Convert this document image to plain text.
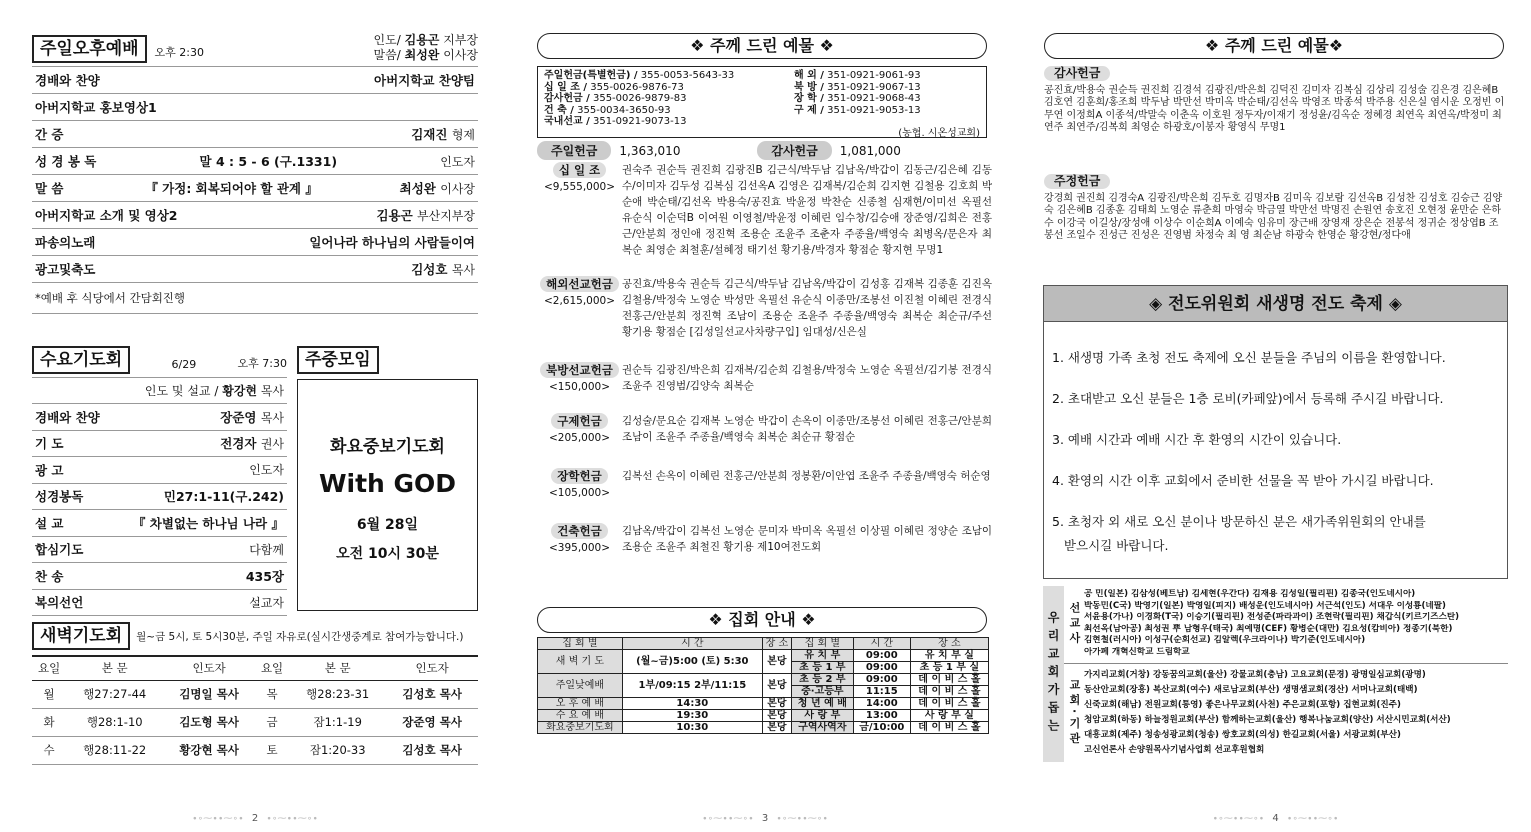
주일오후예배	오후 2:30
인도/ 김용곤 지부장
말씀/ 최성완 이사장
경배와 찬양	아버지학교 찬양팀
아버지학교 홍보영상1
간 증	김재진 형제
성 경 봉 독	말 4 : 5 - 6 (구.1331)	인도자
말 씀	『 가정: 회복되어야 할 관계 』	최성완 이사장
아버지학교 소개 및 영상2	김용곤 부산지부장
파송의노래	일어나라 하나님의 사람들이여
광고및축도	김성호 목사
*예배 후 식당에서 간담회진행
수요기도회	6/29	오후 7:30
인도 및 설교 / 황강현 목사
경배와 찬양	장준영 목사
기 도	전경자 권사
광 고	인도자
성경봉독	민27:1-11(구.242)
설 교	『 차별없는 하나님 나라 』
합심기도	다함께
찬 송	435장
복의선언	설교자
주중모임
화요중보기도회
With GOD
6월 28일
오전 10시 30분
새벽기도회	월~금 5시, 토 5시30분, 주일 자유로(실시간생중계로 참여가능합니다.)
요일	본 문	인도자	요일	본 문	인도자
월	행27:27-44	김명일 목사	목	행28:23-31	김성호 목사
화	행28:1-10	김도형 목사	금	잠1:1-19	장준영 목사
수	행28:11-22	황강현 목사	토	잠1:20-33	김성호 목사
∙∘⁓∙∙⁓∘∙ 2 ∙∘⁓∙∙⁓∘∙
❖ 주께 드린 예물 ❖
주일헌금(특별헌금) / 355-0053-5643-33
십 일 조 / 355-0026-9876-73
감사헌금 / 355-0026-9879-83
건 축 / 355-0034-3650-93
국내선교 / 351-0921-9073-13
해 외 / 351-0921-9061-93
북 방 / 351-0921-9067-13
장 학 / 351-0921-9068-43
구 제 / 351-0921-9053-13
(농협. 시온성교회)
주일헌금	1,363,010	감사헌금	1,081,000
십 일 조
<9,555,000>
권숙주 권순득 권진희 김광진B 김근식/박두남 김남옥/박갑이 김동근/김은혜 김동수/이미자 김두성 김복심 김선옥A 김영은 김재복/김순희 김지현 김철용 김호희 박순애 박순태/김선옥 박용숙/공진효 박윤정 박찬순 신종철 심재현/이미선 옥필선 유순식 이순덕B 이여원 이영철/박윤정 이혜린 임수창/김승애 장준영/김희은 전홍근/안분희 정인애 정진혁 조용순 조윤주 조춘자 주종율/백영숙 최병옥/문은자 최복순 최영순 최철훈/설혜정 태기선 황기용/박경자 황점순 황지현 무명1
해외선교헌금
<2,615,000>
공진효/박용숙 권순득 김근식/박두남 김남옥/박갑이 김성홍 김재복 김종훈 김진옥 김철용/박정숙 노영순 박성만 옥필선 유순식 이종만/조봉선 이진철 이혜린 전경식 전홍근/안분희 정진혁 조남이 조용순 조윤주 주종율/백영숙 최복순 최순규/주선 황기용 황점순 [김성일선교사차량구입] 임대성/신은실
북방선교헌금
<150,000>
권순득 김광진/박은희 김재복/김순희 김철용/박정숙 노영순 옥필선/김기봉 전경식 조윤주 진영범/김양숙 최복순
구제헌금
<205,000>
김성술/문요순 김재복 노영순 박갑이 손옥이 이종만/조봉선 이혜린 전홍근/안분희 조남이 조윤주 주종율/백영숙 최복순 최순규 황점순
장학헌금
<105,000>
김복선 손옥이 이혜린 전홍근/안분희 정봉환/이안엽 조윤주 주종율/백영숙 허순영
건축헌금
<395,000>
김남옥/박갑이 김복선 노영순 문미자 박미옥 옥필선 이상필 이혜린 정양순 조남이 조용순 조윤주 최철진 황기용 제10여전도회
❖ 집회 안내 ❖
집 회 별	시 간	장 소	집 회 별	시 간	장 소
새 벽 기 도	(월~금)5:00 (토) 5:30	본당	유 치 부	09:00	유 치 부 실
			초 등 1 부	09:00	초 등 1 부 실
주일낮예배	1부/09:15 2부/11:15	본당	초 등 2 부	09:00	데 이 비 스 홀
			중·고등부	11:15	데 이 비 스 홀
오 후 예 배	14:30	본당	청 년 예 배	14:00	데 이 비 스 홀
수 요 예 배	19:30	본당	사 랑 부	13:00	사 랑 부 실
화요중보기도회	10:30	본당	구역사역자	금/10:00	데 이 비 스 홀
∙∘⁓∙∙⁓∘∙ 3 ∙∘⁓∙∙⁓∘∙
❖ 주께 드린 예물❖
감사헌금
공진효/박용숙 권순득 권진희 김경석 김광진/박은희 김덕진 김미자 김복심 김상리 김성술 김은경 김은혜B 김호연 김훈희/홍조희 박두남 박만선 박미옥 박순태/김선옥 박영조 박종석 박주용 신은실 염시운 오정빈 이무연 이정희A 이종석/박말숙 이춘옥 이호원 정두자/이재기 정성윤/김옥순 정혜경 최연옥 최연옥/박정미 최연주 최연주/김복희 최영순 하광호/이봉자 황영식 무명1
주정헌금
강경희 권진희 김경숙A 김광진/박은희 김두호 김명자B 김미옥 김보람 김선옥B 김성찬 김성호 김승근 김양숙 김은혜B 김종훈 김태희 노영순 류춘희 마영숙 박금열 박만선 박명진 손원연 송호진 오현정 윤만순 은하수 이강국 이길상/장성애 이상수 이순희A 이예숙 임유미 장근배 장영재 장은순 전봉석 정귀순 정상엽B 조봉선 조일수 진성근 진성은 진영범 차정숙 최 영 최순남 하광숙 한영순 황강현/정다애
◈ 전도위원회 새생명 전도 축제 ◈
1. 새생명 가족 초청 전도 축제에 오신 분들을 주님의 이름을 환영합니다.
2. 초대받고 오신 분들은 1층 로비(카페앞)에서 등록해 주시길 바랍니다.
3. 예배 시간과 예배 시간 후 환영의 시간이 있습니다.
4. 환영의 시간 이후 교회에서 준비한 선물을 꼭 받아 가시길 바랍니다.
5. 초청자 외 새로 오신 분이나 방문하신 분은 새가족위원회의 안내를
받으시길 바랍니다.
우리교회가돕는 선교사
공 민(일본) 김삼성(베트남) 김세현(우간다) 김재용 김성일(필리핀) 김종국(인도네시아)
박동민(C국) 박영기(일본) 박영일(피지) 배성운(인도네시아) 서근석(인도) 서대우 이성룡(네팔)
서윤용(가나) 이경화(T국) 이승기(필리핀) 전성준(파라과이) 조현락(필리핀) 채갑식(키르기즈스탄)
최선옥(남아공) 최성권 뿌 남형우(태국) 최예명(CEF) 황병순(대만) 김요성(캄비아) 정종기(북한)
김현철(러시아) 이성구(순회선교) 김알렉(우크라이나) 박기준(인도네시아)
아가페 개혁신학교 드림학교
교회·기관
가지리교회(거창) 강동꿈의교회(울산) 강물교회(충남) 고요교회(문경) 광명일심교회(광명)
동산안교회(장흥) 복산교회(여수) 새로남교회(부산) 생명샘교회(경산) 서머나교회(태백)
신죽교회(해남) 전원교회(통영) 좋은나무교회(사천) 주은교회(포항) 집현교회(진주)
청암교회(하동) 하늘정원교회(부산) 함께하는교회(울산) 행복나눔교회(양산) 서산시민교회(서산)
대흥교회(제주) 청송성광교회(청송) 쌍호교회(의성) 한길교회(서울) 서광교회(부산)
고신언론사 손양원목사기념사업회 선교후원협회
∙∘⁓∙∙⁓∘∙ 4 ∙∘⁓∙∙⁓∘∙
